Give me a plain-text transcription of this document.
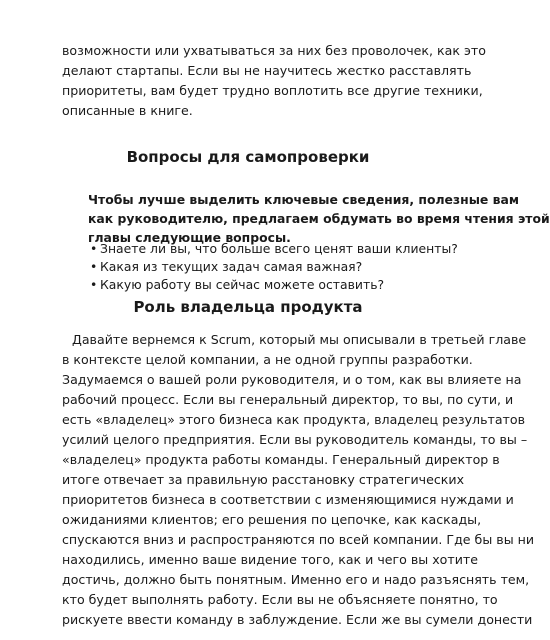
возможности или ухватываться за них без проволочек, как это
делают стартапы. Если вы не научитесь жестко расставлять
приоритеты, вам будет трудно воплотить все другие техники,
описанные в книге.
Вопросы для самопроверки
Чтобы лучше выделить ключевые сведения, полезные вам
как руководителю, предлагаем обдумать во время чтения этой
главы следующие вопросы.
• Знаете ли вы, что больше всего ценят ваши клиенты?
• Какая из текущих задач самая важная?
• Какую работу вы сейчас можете оставить?
Роль владельца продукта
Давайте вернемся к Scrum, который мы описывали в третьей главе
в контексте целой компании, а не одной группы разработки.
Задумаемся о вашей роли руководителя, и о том, как вы влияете на
рабочий процесс. Если вы генеральный директор, то вы, по сути, и
есть «владелец» этого бизнеса как продукта, владелец результатов
усилий целого предприятия. Если вы руководитель команды, то вы –
«владелец» продукта работы команды. Генеральный директор в
итоге отвечает за правильную расстановку стратегических
приоритетов бизнеса в соответствии с изменяющимися нуждами и
ожиданиями клиентов; его решения по цепочке, как каскады,
спускаются вниз и распространяются по всей компании. Где бы вы ни
находились, именно ваше видение того, как и чего вы хотите
достичь, должно быть понятным. Именно его и надо разъяснять тем,
кто будет выполнять работу. Если вы не объясняете понятно, то
рискуете ввести команду в заблуждение. Если же вы сумели донести
